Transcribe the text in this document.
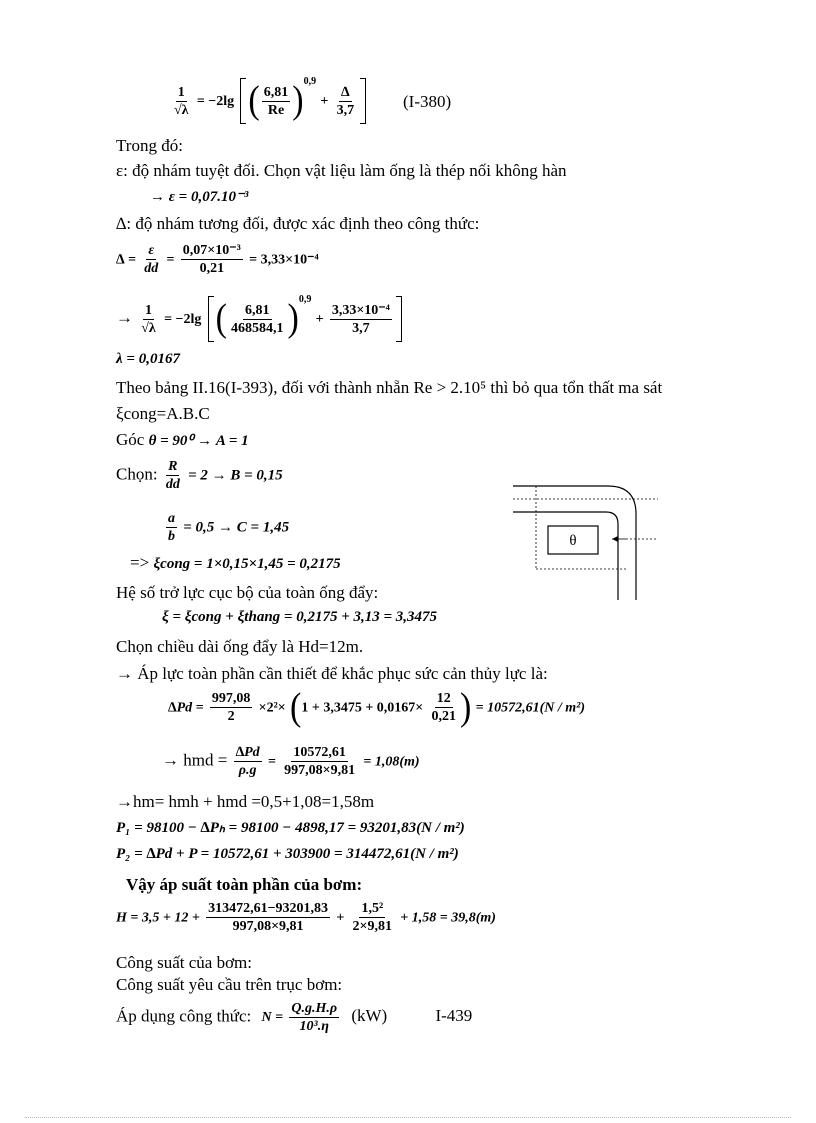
$\frac{1}{√\lambda} = -2\lg$ ( $\frac{6,81}{Re} )^{0,9} + \frac{\Delta}{3,7}$	(I-380)
Trong đó:
ε: độ nhám tuyệt đối. Chọn vật liệu làm ống là thép nối không hàn
→ ε = 0,07.10⁻³
∆: độ nhám tương đối, được xác định theo công thức:
∆ = $\frac{\varepsilon}{dd} = \frac{\text{0,07×10⁻³}}{0,21} = 3,33\times 10^{-4}$
→ $\frac{1}{√\lambda} = -2\lg$ ( $\frac{6,81}{468584,1} )^{0,9} + \frac{\text{3,33×10⁻⁴}}{3,7}$
λ = 0,0167
Theo bảng II.16(I-393), đối với thành nhẵn Re > 2.10⁵ thì bỏ qua tổn thất ma sát
ξcong=A.B.C
Góc θ = 90⁰ → A = 1
Chọn: $\frac{R}{dd} = 2 \to B = 0,15$
$\frac{a}{b} = 0,5 \to C = 1,45$
=> ξcong = 1×0,15×1,45 = 0,2175
θ
Hệ số trở lực cục bộ của toàn ống đẩy:
ξ = ξcong + ξthang = 0,2175 + 3,13 = 3,3475
Chọn chiều dài ống đẩy là Hd=12m.
→ Áp lực toàn phần cần thiết để khắc phục sức cản thủy lực là:
$\Delta Pd = \frac{997,08}{2} \times 2^2\times (1 + 3,3475 + 0,0167\times \frac{12}{0,21}$ ) = 10572,61(N / m²)
→ hmd = $\frac{\Delta Pd}{\rho.g} = \frac{10572,61}{997,08\times 9,81} = 1,08(m)$
→hm= hmh + hmd =0,5+1,08=1,58m
P₁ = 98100 − ∆Pₕ = 98100 − 4898,17 = 93201,83(N / m²)
P₂ = ∆Pd + P = 10572,61 + 303900 = 314472,61(N / m²)
Vậy áp suất toàn phần của bơm:
$H = 3,5 + 12 + \frac{313472,61-93201,83}{997,08\times 9,81} + \frac{\text{1,5²}}{2\times 9,81} + 1,58 = 39,8(m)$
Công suất của bơm:
Công suất yêu cầu trên trục bơm:
Áp dụng công thức: $N = \frac{Q.g.H.\rho}{\text{10³.η}} (kW)$	I-439
